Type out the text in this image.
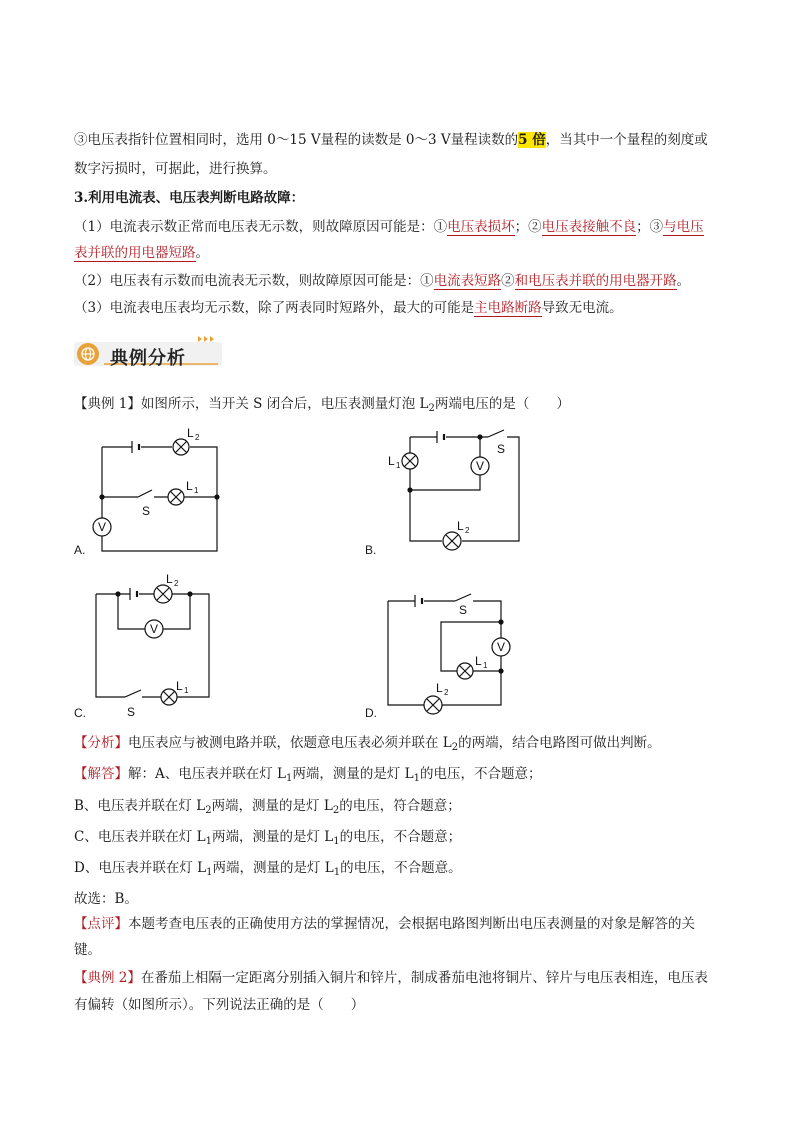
③电压表指针位置相同时，选用 0～15 V量程的读数是 0～3 V量程读数的5 倍，当其中一个量程的刻度或
数字污损时，可据此，进行换算。
3.利用电流表、电压表判断电路故障：
（1）电流表示数正常而电压表无示数，则故障原因可能是：①电压表损坏；②电压表接触不良；③与电压
表并联的用电器短路。
（2）电压表有示数而电流表无示数，则故障原因可能是：①电流表短路②和电压表并联的用电器开路。
（3）电流表电压表均无示数，除了两表同时短路外，最大的可能是主电路断路导致无电流。
典例分析
【典例 1】如图所示，当开关 S 闭合后，电压表测量灯泡 $L_2$两端电压的是（　　）
L 2
L 1
S
V
L 1
S
V
L 2
L 2
V
S
L 1
S
V
L 1
L 2
A.	B.
C.	D.
【分析】电压表应与被测电路并联，依题意电压表必须并联在 $L_2$的两端，结合电路图可做出判断。
【解答】解：A、电压表并联在灯 $L_1$两端，测量的是灯 $L_1$的电压，不合题意；
B、电压表并联在灯 $L_2$两端，测量的是灯 $L_2$的电压，符合题意；
C、电压表并联在灯 $L_1$两端，测量的是灯 $L_1$的电压，不合题意；
D、电压表并联在灯 $L_1$两端，测量的是灯 $L_1$的电压，不合题意。
故选：B。
【点评】本题考查电压表的正确使用方法的掌握情况，会根据电路图判断出电压表测量的对象是解答的关
键。
【典例 2】在番茄上相隔一定距离分别插入铜片和锌片，制成番茄电池将铜片、锌片与电压表相连，电压表
有偏转（如图所示）。下列说法正确的是（　　）
